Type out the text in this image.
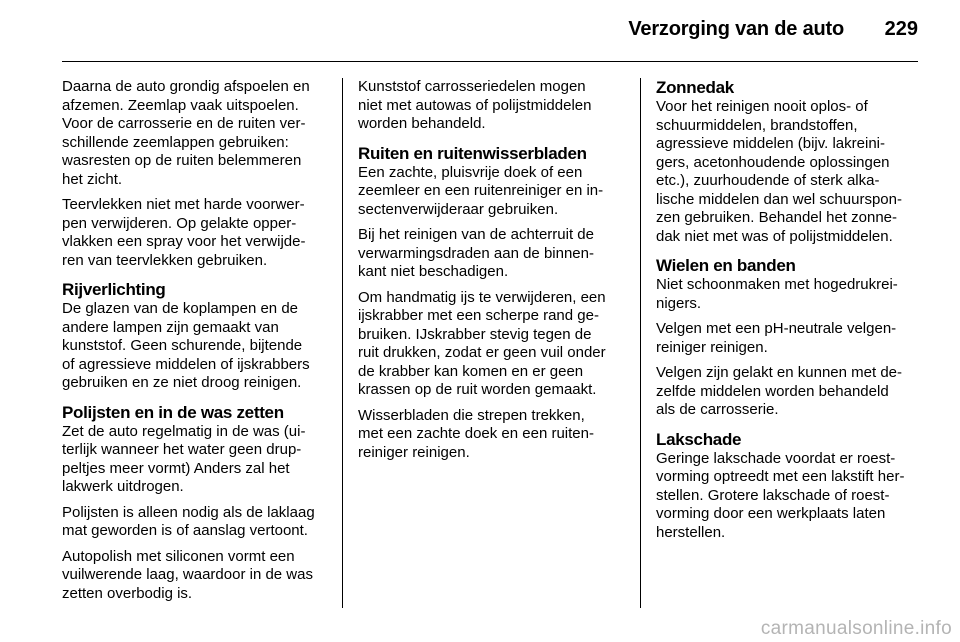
Verzorging van de auto 229

Daarna de auto grondig afspoelen en
afzemen. Zeemlap vaak uitspoelen.
Voor de carrosserie en de ruiten ver-
schillende zeemlappen gebruiken:
wasresten op de ruiten belemmeren
het zicht.

Teervlekken niet met harde voorwer-
pen verwijderen. Op gelakte opper-
vlakken een spray voor het verwijde-
ren van teervlekken gebruiken.

Rijverlichting

De glazen van de koplampen en de
andere lampen zijn gemaakt van
kunststof. Geen schurende, bijtende
of agressieve middelen of ijskrabbers
gebruiken en ze niet droog reinigen.

Polijsten en in de was zetten

Zet de auto regelmatig in de was (ui-
terlijk wanneer het water geen drup-
peltjes meer vormt) Anders zal het
lakwerk uitdrogen.

Polijsten is alleen nodig als de laklaag
mat geworden is of aanslag vertoont.

Autopolish met siliconen vormt een
vuilwerende laag, waardoor in de was
zetten overbodig is.

Kunststof carrosseriedelen mogen
niet met autowas of polijstmiddelen
worden behandeld.

Ruiten en ruitenwisserbladen

Een zachte, pluisvrije doek of een
zeemleer en een ruitenreiniger en in-
sectenverwijderaar gebruiken.

Bij het reinigen van de achterruit de
verwarmingsdraden aan de binnen-
kant niet beschadigen.

Om handmatig ijs te verwijderen, een
ijskrabber met een scherpe rand ge-
bruiken. IJskrabber stevig tegen de
ruit drukken, zodat er geen vuil onder
de krabber kan komen en er geen
krassen op de ruit worden gemaakt.

Wisserbladen die strepen trekken,
met een zachte doek en een ruiten-
reiniger reinigen.

Zonnedak

Voor het reinigen nooit oplos- of
schuurmiddelen, brandstoffen,
agressieve middelen (bijv. lakreini-
gers, acetonhoudende oplossingen
etc.), zuurhoudende of sterk alka-
lische middelen dan wel schuurspon-
zen gebruiken. Behandel het zonne-
dak niet met was of polijstmiddelen.

Wielen en banden

Niet schoonmaken met hogedrukrei-
nigers.

Velgen met een pH-neutrale velgen-
reiniger reinigen.

Velgen zijn gelakt en kunnen met de-
zelfde middelen worden behandeld
als de carrosserie.

Lakschade

Geringe lakschade voordat er roest-
vorming optreedt met een lakstift her-
stellen. Grotere lakschade of roest-
vorming door een werkplaats laten
herstellen.

carmanualsonline.info
